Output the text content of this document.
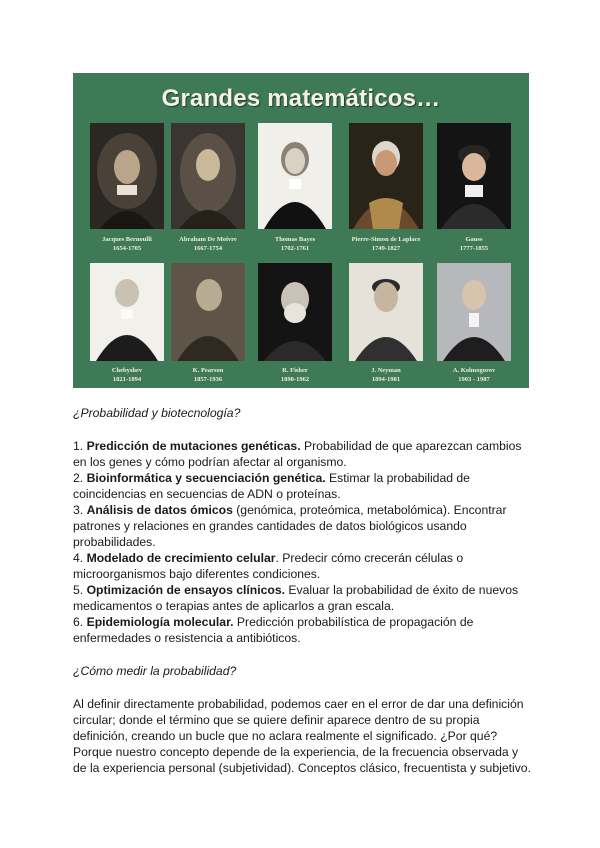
Grandes matemáticos…
Jacques Bernoulli
1654-1705
Abraham De Moivre
1667-1754
Thomas Bayes
1702-1761
Pierre-Simon de Laplace
1749-1827
Gauss
1777-1855
Chebyshev
1821-1894
K. Pearson
1857-1936
R. Fisher
1890-1962
J. Neyman
1894-1981
A. Kolmogorov
1903 - 1987

¿Probabilidad y biotecnología?

1. Predicción de mutaciones genéticas. Probabilidad de que aparezcan cambios

en los genes y cómo podrían afectar al organismo.

2. Bioinformática y secuenciación genética. Estimar la probabilidad de

coincidencias en secuencias de ADN o proteínas.

3. Análisis de datos ómicos (genómica, proteómica, metabolómica). Encontrar

patrones y relaciones en grandes cantidades de datos biológicos usando

probabilidades.

4. Modelado de crecimiento celular. Predecir cómo crecerán células o

microorganismos bajo diferentes condiciones.

5. Optimización de ensayos clínicos. Evaluar la probabilidad de éxito de nuevos

medicamentos o terapias antes de aplicarlos a gran escala.

6. Epidemiología molecular. Predicción probabilística de propagación de

enfermedades o resistencia a antibióticos.

¿Cómo medir la probabilidad?

Al definir directamente probabilidad, podemos caer en el error de dar una definición

circular; donde el término que se quiere definir aparece dentro de su propia

definición, creando un bucle que no aclara realmente el significado. ¿Por qué?

Porque nuestro concepto depende de la experiencia, de la frecuencia observada y

de la experiencia personal (subjetividad). Conceptos clásico, frecuentista y subjetivo.
